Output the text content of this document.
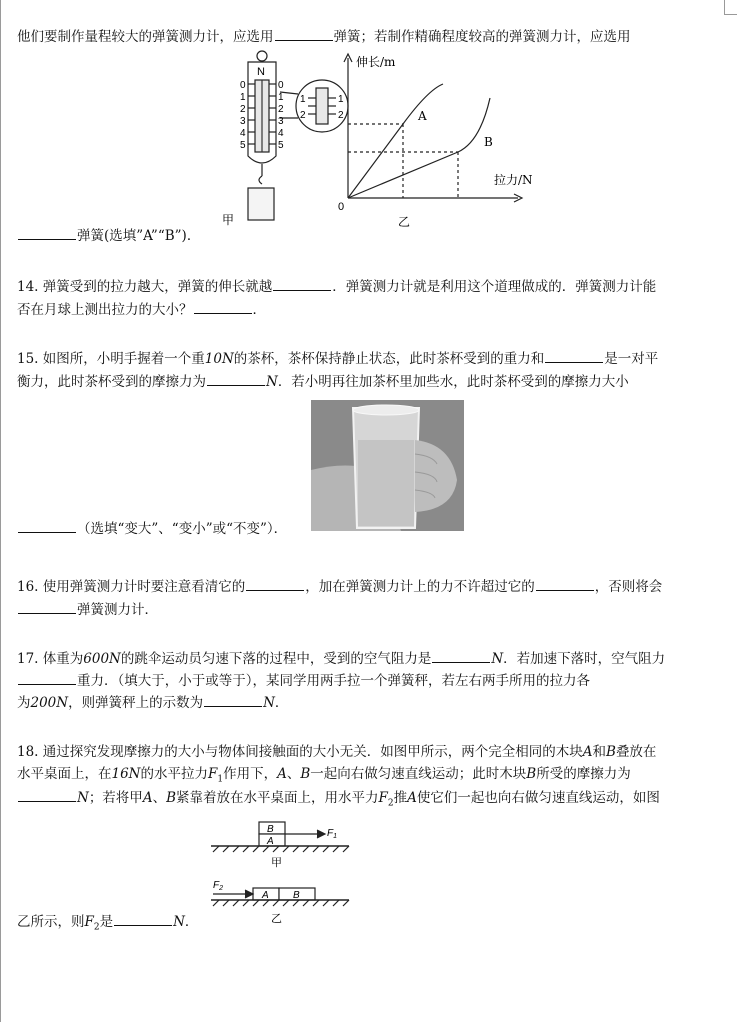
他们要制作量程较大的弹簧测力计，应选用	弹簧；若制作精确程度较高的弹簧测力计，应选用
N
0
1
2
3
4
5
0
1
2
3
4
5
1
2
1
2
甲
伸长/m
拉力/N
0
A
B
乙
弹簧(选填”A”“B”)．
14. 弹簧受到的拉力越大，弹簧的伸长就越	．弹簧测力计就是利用这个道理做成的．弹簧测力计能
否在月球上测出拉力的大小？	．
15. 如图所，小明手握着一个重10N的茶杯，茶杯保持静止状态，此时茶杯受到的重力和	是一对平
衡力，此时茶杯受到的摩擦力为	N．若小明再往加茶杯里加些水，此时茶杯受到的摩擦力大小
（选填“变大”、“变小”或“不变”）．
16. 使用弹簧测力计时要注意看清它的	，加在弹簧测力计上的力不许超过它的	，否则将会
弹簧测力计．
17. 体重为600N的跳伞运动员匀速下落的过程中，受到的空气阻力是	N．若加速下落时，空气阻力
重力．（填大于，小于或等于），某同学用两手拉一个弹簧秤，若左右两手所用的拉力各
为200N，则弹簧秤上的示数为	N．
18. 通过探究发现摩擦力的大小与物体间接触面的大小无关．如图甲所示，两个完全相同的木块A和B叠放在
水平桌面上，在16N的水平拉力$F_1$作用下，A、B一起向右做匀速直线运动；此时木块B所受的摩擦力为
N；若将甲A、B紧靠着放在水平桌面上，用水平力$F_2$推A使它们一起也向右做匀速直线运动，如图
B
A
$F_1$
甲
$F_2$
A B
乙
乙所示，则$F_2$是	N．
